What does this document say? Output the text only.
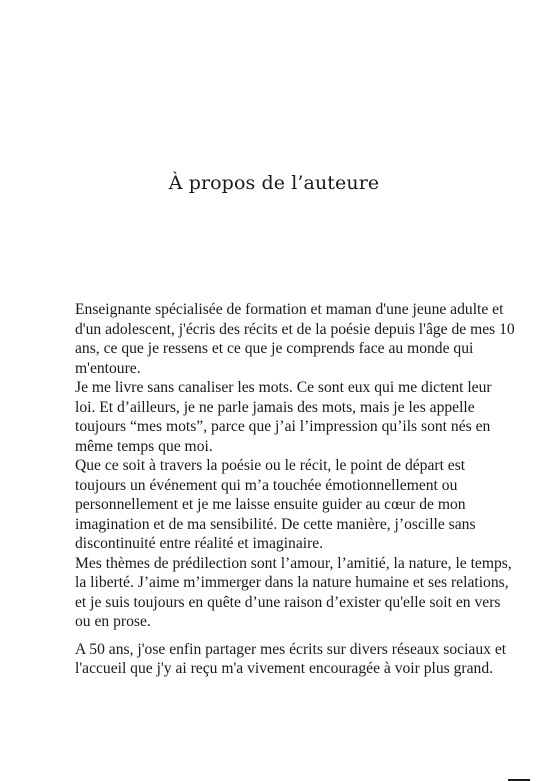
À propos de l’auteure

Enseignante spécialisée de formation et maman d'une jeune adulte et d'un adolescent, j'écris des récits et de la poésie depuis l'âge de mes 10 ans, ce que je ressens et ce que je comprends face au monde qui m'entoure.

Je me livre sans canaliser les mots. Ce sont eux qui me dictent leur loi. Et d’ailleurs, je ne parle jamais des mots, mais je les appelle toujours “mes mots”, parce que j’ai l’impression qu’ils sont nés en même temps que moi.

Que ce soit à travers la poésie ou le récit, le point de départ est toujours un événement qui m’a touchée émotionnellement ou personnellement et je me laisse ensuite guider au cœur de mon imagination et de ma sensibilité. De cette manière, j’oscille sans discontinuité entre réalité et imaginaire.

Mes thèmes de prédilection sont l’amour, l’amitié, la nature, le temps, la liberté. J’aime m’immerger dans la nature humaine et ses relations, et je suis toujours en quête d’une raison d’exister qu'elle soit en vers ou en prose.

A 50 ans, j'ose enfin partager mes écrits sur divers réseaux sociaux et l'accueil que j'y ai reçu m'a vivement encouragée à voir plus grand.
